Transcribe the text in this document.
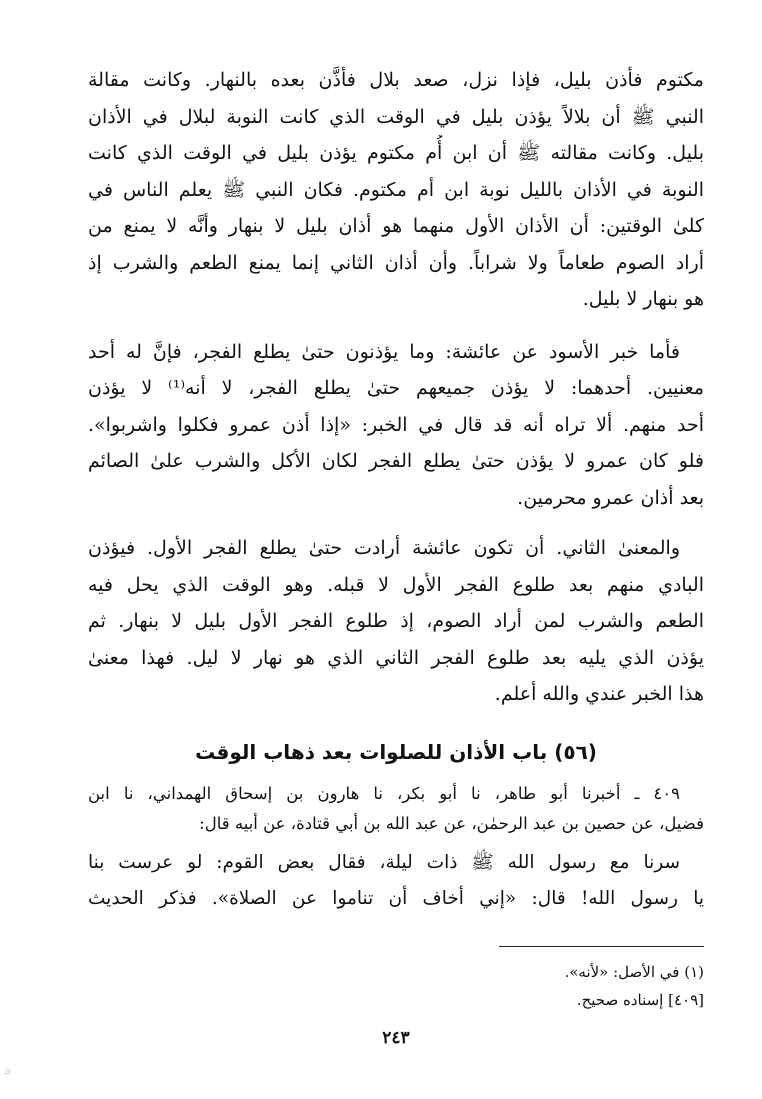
مكتوم فأذن بليل، فإذا نزل، صعد بلال فأذَّن بعده بالنهار. وكانت مقالة
النبي ﷺ أن بلالاً يؤذن بليل في الوقت الذي كانت النوبة لبلال في الأذان
بليل. وكانت مقالته ﷺ أن ابن أُم مكتوم يؤذن بليل في الوقت الذي كانت
النوبة في الأذان بالليل نوبة ابن أم مكتوم. فكان النبي ﷺ يعلم الناس في
كلىٰ الوقتين: أن الأذان الأول منهما هو أذان بليل لا بنهار وأنَّه لا يمنع من
أراد الصوم طعاماً ولا شراباً. وأن أذان الثاني إنما يمنع الطعم والشرب إذ
هو بنهار لا بليل.
فأما خبر الأسود عن عائشة: وما يؤذنون حتىٰ يطلع الفجر، فإنَّ له أحد
معنيين. أحدهما: لا يؤذن جميعهم حتىٰ يطلع الفجر، لا أنه⁽¹⁾ لا يؤذن
أحد منهم. ألا تراه أنه قد قال في الخبر: «إذا أذن عمرو فكلوا واشربوا».
فلو كان عمرو لا يؤذن حتىٰ يطلع الفجر لكان الأكل والشرب علىٰ الصائم
بعد أذان عمرو محرمين.
والمعنىٰ الثاني. أن تكون عائشة أرادت حتىٰ يطلع الفجر الأول. فيؤذن
البادي منهم بعد طلوع الفجر الأول لا قبله. وهو الوقت الذي يحل فيه
الطعم والشرب لمن أراد الصوم، إذ طلوع الفجر الأول بليل لا بنهار. ثم
يؤذن الذي يليه بعد طلوع الفجر الثاني الذي هو نهار لا ليل. فهذا معنىٰ
هذا الخبر عندي والله أعلم.
(٥٦) باب الأذان للصلوات بعد ذهاب الوقت
٤٠٩ ـ أخبرنا أبو طاهر، نا أبو بكر، نا هارون بن إسحاق الهمداني، نا ابن
فضيل، عن حصين بن عبد الرحمٰن، عن عبد الله بن أبي قتادة، عن أبيه قال:
سرنا مع رسول الله ﷺ ذات ليلة، فقال بعض القوم: لو عرست بنا
يا رسول الله! قال: «إني أخاف أن تناموا عن الصلاة». فذكر الحديث
(١) في الأصل: «لأنه».
[٤٠٩] إسناده صحيح.
٢٤٣
ئ
